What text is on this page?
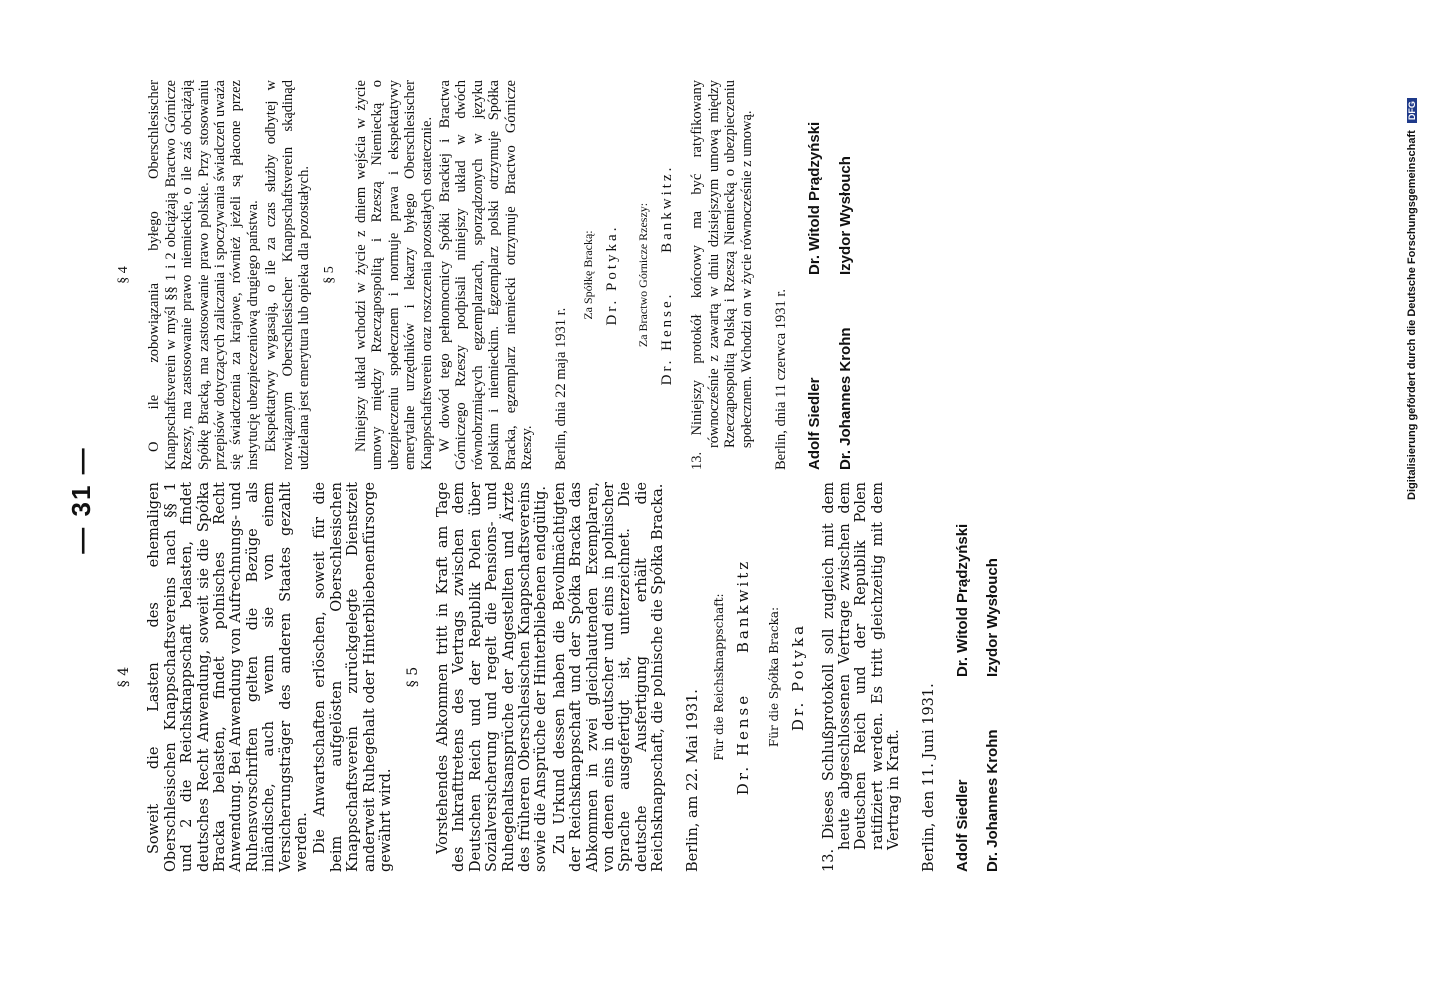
— 31 —
§ 4 Soweit die Lasten des ehemaligen Oberschlesischen Knappschaftsvereins nach §§ 1 und 2 die Reichsknappschaft belasten, findet deutsches Recht Anwendung, soweit sie die Spółka Bracka belasten, findet polnisches Recht Anwendung. Bei Anwendung von Aufrechnungs- und Ruhensvorschriften gelten die Bezüge als inländische, auch wenn sie von einem Versicherungsträger des anderen Staates gezahlt werden. Die Anwartschaften erlöschen, soweit für die beim aufgelösten Oberschlesischen Knappschaftsverein zurückgelegte Dienstzeit anderweit Ruhegehalt oder Hinterbliebenenfürsorge gewährt wird.

§ 5 Vorstehendes Abkommen tritt in Kraft am Tage des Inkrafttretens des Vertrags zwischen dem Deutschen Reich und der Republik Polen über Sozialversicherung und regelt die Pensions- und Ruhegehaltsansprüche der Angestellten und Ärzte des früheren Oberschlesischen Knappschaftsvereins sowie die Ansprüche der Hinterbliebenen endgültig. Zu Urkund dessen haben die Bevollmächtigten der Reichsknappschaft und der Spółka Bracka das Abkommen in zwei gleichlautenden Exemplaren, von denen eins in deutscher und eins in polnischer Sprache ausgefertigt ist, unterzeichnet. Die deutsche Ausfertigung erhält die Reichsknappschaft, die polnische die Spółka Bracka. Berlin, am 22. Mai 1931.
Für die Reichsknappschaft: Dr. Hense Bankwitz
Für die Spółka Bracka: Dr. Potyka 13. Dieses Schlußprotokoll soll zugleich mit dem heute abgeschlossenen Vertrage zwischen dem Deutschen Reich und der Republik Polen ratifiziert werden. Es tritt gleichzeitig mit dem Vertrag in Kraft. Berlin, den 11. Juni 1931. Adolf Siedler
Dr. Witold Prądzyński
Dr. Johannes Krohn
Izydor Wysłouch
§ 4 O ile zobowiązania byłego Oberschlesischer Knappschaftsverein w myśl §§ 1 i 2 obciążają Bractwo Górnicze Rzeszy, ma zastosowanie prawo niemieckie, o ile zaś obciążają Spółkę Bracką, ma zastosowanie prawo polskie. Przy stosowaniu przepisów dotyczących zaliczania i spoczywania świadczeń uważa się świadczenia za krajowe, również jeżeli są płacone przez instytucję ubezpieczeniową drugiego państwa. Ekspektatywy wygasają, o ile za czas służby odbytej w rozwiązanym Oberschlesischer Knappschaftsverein skądinąd udzielana jest emerytura lub opieka dla pozostałych. § 5 Niniejszy układ wchodzi w życie z dniem wejścia w życie umowy między Rzecząpospolitą i Rzeszą Niemiecką o ubezpieczeniu społecznem i normuje prawa i ekspektatywy emerytalne urzędników i lekarzy byłego Oberschlesischer Knappschaftsverein oraz roszczenia pozostałych ostatecznie. W dowód tego pełnomocnicy Spółki Brackiej i Bractwa Górniczego Rzeszy podpisali niniejszy układ w dwóch równobrzmiących egzemplarzach, sporządzonych w języku polskim i niemieckim. Egzemplarz polski otrzymuje Spółka Bracka, egzemplarz niemiecki otrzymuje Bractwo Górnicze Rzeszy. Berlin, dnia 22 maja 1931 r.
Za Spółkę Bracką: Dr. Potyka. Za Bractwo Górnicze Rzeszy: Dr. Hense. Bankwitz. 13. Niniejszy protokół końcowy ma być ratyfikowany równocześnie z zawartą w dniu dzisiejszym umową między Rzecząpospolitą Polską i Rzeszą Niemiecką o ubezpieczeniu społecznem. Wchodzi on w życie równocześnie z umową. Berlin, dnia 11 czerwca 1931 r. Adolf Siedler
Dr. Witold Prądzyński
Dr. Johannes Krohn
Izydor Wysłouch	Digitalisierung gefördert durch die Deutsche Forschungsgemeinschaft DFG
